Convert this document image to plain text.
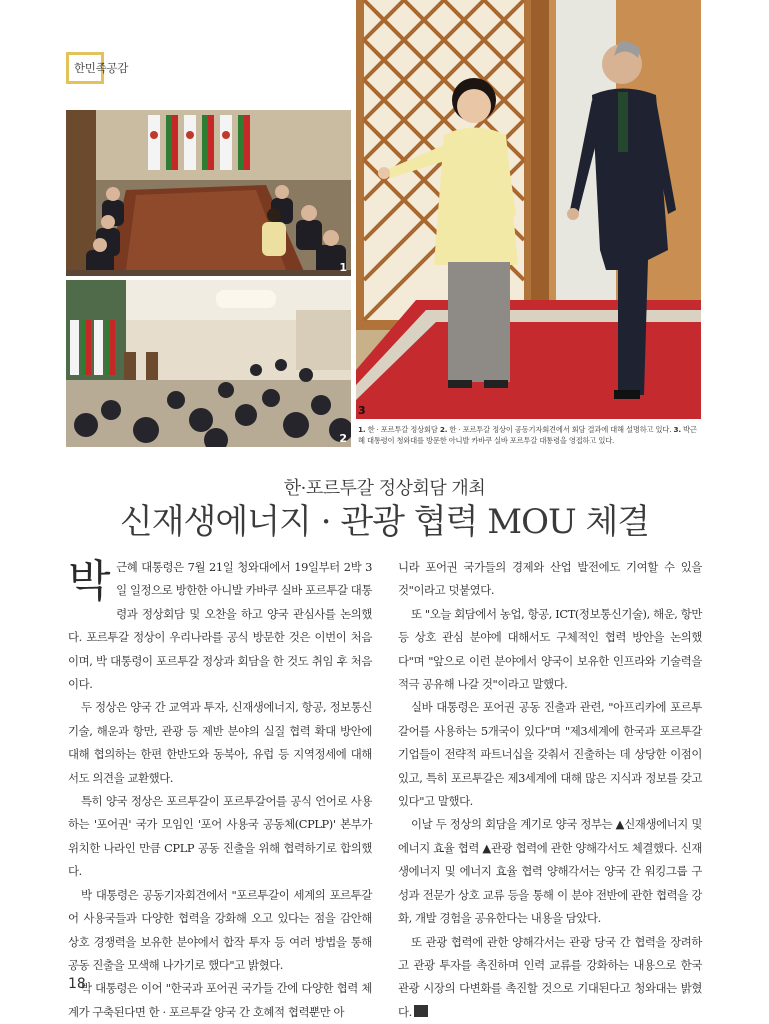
한민족공감
1
2
3
1. 한 · 포르투갈 정상회담 2. 한 · 포르투갈 정상이 공동기자회견에서 회담 결과에 대해 설명하고 있다. 3. 박근혜 대통령이 청와대를 방문한 아니발 카바쿠 실바 포르투갈 대통령을 영접하고 있다.
한·포르투갈 정상회담 개최
신재생에너지 · 관광 협력 MOU 체결

박근혜 대통령은 7월 21일 청와대에서 19일부터 2박 3일 일정으로 방한한 아니발 카바쿠 실바 포르투갈 대통령과 정상회담 및 오찬을 하고 양국 관심사를 논의했다. 포르투갈 정상이 우리나라를 공식 방문한 것은 이번이 처음이며, 박 대통령이 포르투갈 정상과 회담을 한 것도 취임 후 처음이다.

두 정상은 양국 간 교역과 투자, 신재생에너지, 항공, 정보통신기술, 해운과 항만, 관광 등 제반 분야의 실질 협력 확대 방안에 대해 협의하는 한편 한반도와 동북아, 유럽 등 지역정세에 대해서도 의견을 교환했다.

특히 양국 정상은 포르투갈이 포르투갈어를 공식 언어로 사용하는 '포어권' 국가 모임인 '포어 사용국 공동체(CPLP)' 본부가 위치한 나라인 만큼 CPLP 공동 진출을 위해 협력하기로 합의했다.

박 대통령은 공동기자회견에서 "포르투갈이 세계의 포르투갈어 사용국들과 다양한 협력을 강화해 오고 있다는 점을 감안해 상호 경쟁력을 보유한 분야에서 합작 투자 등 여러 방법을 통해 공동 진출을 모색해 나가기로 했다"고 밝혔다.

박 대통령은 이어 "한국과 포어권 국가들 간에 다양한 협력 체계가 구축된다면 한 · 포르투갈 양국 간 호혜적 협력뿐만 아

니라 포어권 국가들의 경제와 산업 발전에도 기여할 수 있을 것"이라고 덧붙였다.

또 "오늘 회담에서 농업, 항공, ICT(정보통신기술), 해운, 항만 등 상호 관심 분야에 대해서도 구체적인 협력 방안을 논의했다"며 "앞으로 이런 분야에서 양국이 보유한 인프라와 기술력을 적극 공유해 나갈 것"이라고 말했다.

실바 대통령은 포어권 공동 진출과 관련, "아프리카에 포르투갈어를 사용하는 5개국이 있다"며 "제3세계에 한국과 포르투갈 기업들이 전략적 파트너십을 갖춰서 진출하는 데 상당한 이점이 있고, 특히 포르투갈은 제3세계에 대해 많은 지식과 정보를 갖고 있다"고 말했다.

이날 두 정상의 회담을 계기로 양국 정부는 ▲신재생에너지 및 에너지 효율 협력 ▲관광 협력에 관한 양해각서도 체결했다. 신재생에너지 및 에너지 효율 협력 양해각서는 양국 간 워킹그룹 구성과 전문가 상호 교류 등을 통해 이 분야 전반에 관한 협력을 강화, 개발 경험을 공유한다는 내용을 담았다.

또 관광 협력에 관한 양해각서는 관광 당국 간 협력을 장려하고 관광 투자를 촉진하며 인력 교류를 강화하는 내용으로 한국 관광 시장의 다변화를 촉진할 것으로 기대된다고 청와대는 밝혔다.

18
